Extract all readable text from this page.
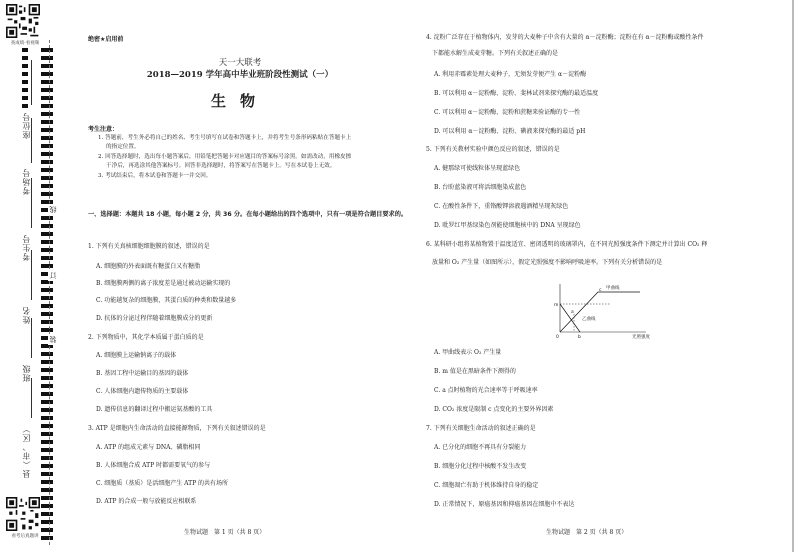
查成绩·看视频
座位号
考场号
考生号
姓名
班级
县（市、区）
线
订
装
看考后真题讲
绝密★启用前
天一大联考
2018—2019 学年高中毕业班阶段性测试（一）
生物
考生注意：
1. 答题前，考生务必将自己的姓名、考生号填写在试卷和答题卡上，并将考生号条形码粘贴在答题卡上
的指定位置。
2. 回答选择题时，选出每小题答案后，用铅笔把答题卡对应题目的答案标号涂黑。如需改动，用橡皮擦
干净后，再选涂其他答案标号。回答非选择题时，将答案写在答题卡上。写在本试卷上无效。
3. 考试结束后，将本试卷和答题卡一并交回。
一、选择题：本题共 18 小题，每小题 2 分，共 36 分。在每小题给出的四个选项中，只有一项是符合题目要求的。
1. 下列有关真核细胞细胞膜的叙述，错误的是
A. 细胞膜的外表面既有糖蛋白又有糖脂
B. 细胞膜两侧的离子浓度差是通过被动运输实现的
C. 功能越复杂的细胞膜，其蛋白质的种类和数量越多
D. 抗体的分泌过程伴随着细胞膜成分的更新
2. 下列物质中，其化学本质属于蛋白质的是
A. 细胞膜上运输钠离子的载体
B. 基因工程中运输目的基因的载体
C. 人体细胞内遗传物质的主要载体
D. 遗传信息的翻译过程中搬运氨基酸的工具
3. ATP 是细胞内生命活动的直接能源物质，下列有关叙述错误的是
A. ATP 的组成元素与 DNA、磷脂相同
B. 人体细胞合成 ATP 时都需要氧气的参与
C. 细胞质（基质）是活细胞产生 ATP 的共有场所
D. ATP 的合成一般与放能反应相联系
生物试题　第 1 页（共 8 页）
4. 淀粉广泛存在于植物体内，发芽的大麦种子中含有大量的 α－淀粉酶；淀粉在有 α－淀粉酶或酸性条件
下都能水解生成麦芽糖。下列有关叙述正确的是
A. 利用赤霉素处理大麦种子，无须发芽便产生 α－淀粉酶
B. 可以利用 α－淀粉酶、淀粉、斐林试剂来探究酶的最适温度
C. 可以利用 α－淀粉酶、淀粉和蔗糖来验证酶的专一性
D. 可以利用 α－淀粉酶、淀粉、碘液来探究酶的最适 pH
5. 下列有关教材实验中颜色反应的叙述，错误的是
A. 健那绿可使线粒体呈现蓝绿色
B. 台盼蓝染液可将活细胞染成蓝色
C. 在酸性条件下，重铬酸钾溶液遇酒精呈现灰绿色
D. 吡罗红甲基绿染色剂能使细胞核中的 DNA 呈现绿色
6. 某科研小组将某植物置于温度适宜、密闭透明的玻璃罩内，在不同光照强度条件下测定并计算出 CO₂ 释
放量和 O₂ 产生量（如图所示），假定光照强度不影响呼吸速率。下列有关分析错误的是
甲曲线
乙曲线
m
0
a
b
c
光照强度
A. 甲曲线表示 O₂ 产生量
B. m 值是在黑暗条件下测得的
C. a 点时植物的光合速率等于呼吸速率
D. CO₂ 浓度是限制 c 点变化的主要外界因素
7. 下列有关细胞生命活动的叙述正确的是
A. 已分化的细胞不再具有分裂能力
B. 细胞分化过程中核酸不发生改变
C. 细胞凋亡有助于机体维持自身的稳定
D. 正常情况下，原癌基因和抑癌基因在细胞中不表达
生物试题　第 2 页（共 8 页）
